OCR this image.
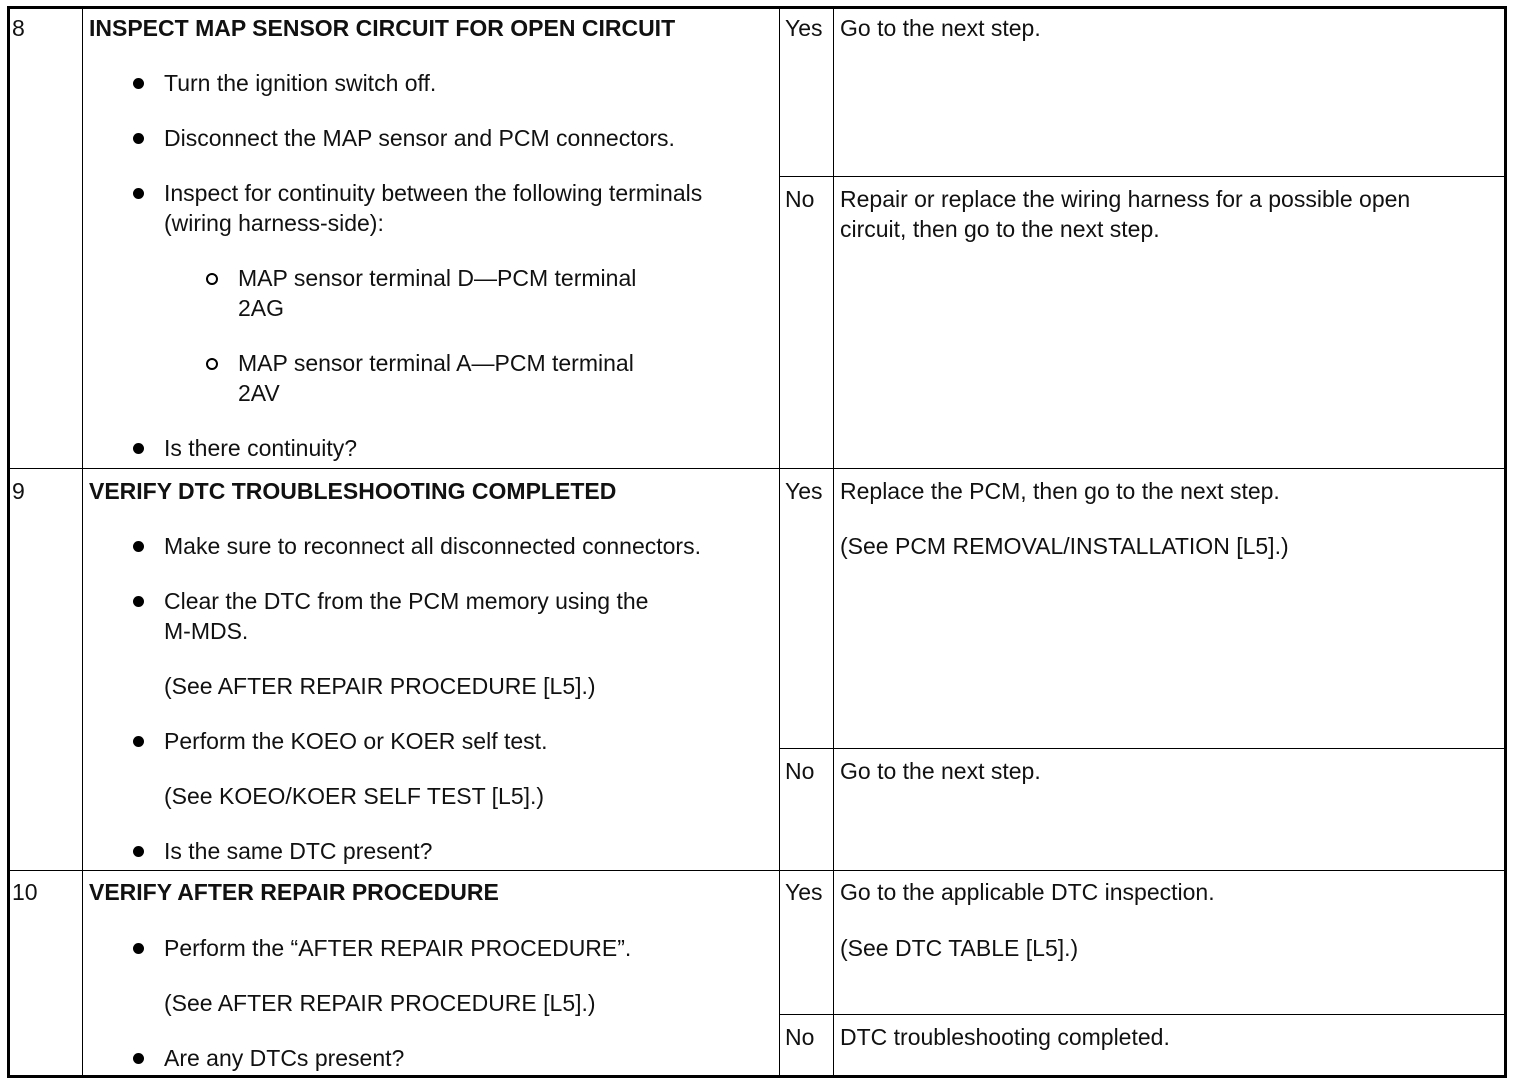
8	INSPECT MAP SENSOR CIRCUIT FOR OPEN CIRCUIT
Turn the ignition switch off.
Disconnect the MAP sensor and PCM connectors.
Inspect for continuity between the following terminals
(wiring harness-side):
MAP sensor terminal D—PCM terminal
2AG
MAP sensor terminal A—PCM terminal
2AV
Is there continuity?
Yes Go to the next step.
No Repair or replace the wiring harness for a possible open
circuit, then go to the next step.
9	VERIFY DTC TROUBLESHOOTING COMPLETED
Make sure to reconnect all disconnected connectors.
Clear the DTC from the PCM memory using the
M-MDS.
(See AFTER REPAIR PROCEDURE [L5].)
Perform the KOEO or KOER self test.
(See KOEO/KOER SELF TEST [L5].)
Is the same DTC present?
Yes Replace the PCM, then go to the next step.
(See PCM REMOVAL/INSTALLATION [L5].)
No Go to the next step.
10 VERIFY AFTER REPAIR PROCEDURE
Perform the “AFTER REPAIR PROCEDURE”.
(See AFTER REPAIR PROCEDURE [L5].)
Are any DTCs present?
Yes Go to the applicable DTC inspection.
(See DTC TABLE [L5].)
No DTC troubleshooting completed.
